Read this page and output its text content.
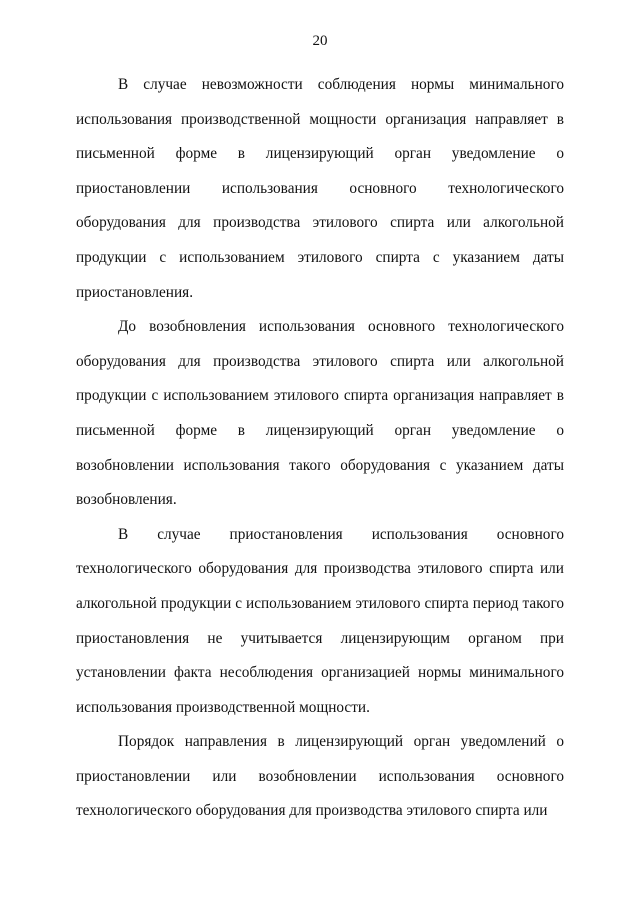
20

В случае невозможности соблюдения нормы минимального использования производственной мощности организация направляет в письменной форме в лицензирующий орган уведомление о приостановлении использования основного технологического оборудования для производства этилового спирта или алкогольной продукции с использованием этилового спирта с указанием даты приостановления.

До возобновления использования основного технологического оборудования для производства этилового спирта или алкогольной продукции с использованием этилового спирта организация направляет в письменной форме в лицензирующий орган уведомление о возобновлении использования такого оборудования с указанием даты возобновления.

В случае приостановления использования основного технологического оборудования для производства этилового спирта или алкогольной продукции с использованием этилового спирта период такого приостановления не учитывается лицензирующим органом при установлении факта несоблюдения организацией нормы минимального использования производственной мощности.

Порядок направления в лицензирующий орган уведомлений о приостановлении или возобновлении использования основного технологического оборудования для производства этилового спирта или
